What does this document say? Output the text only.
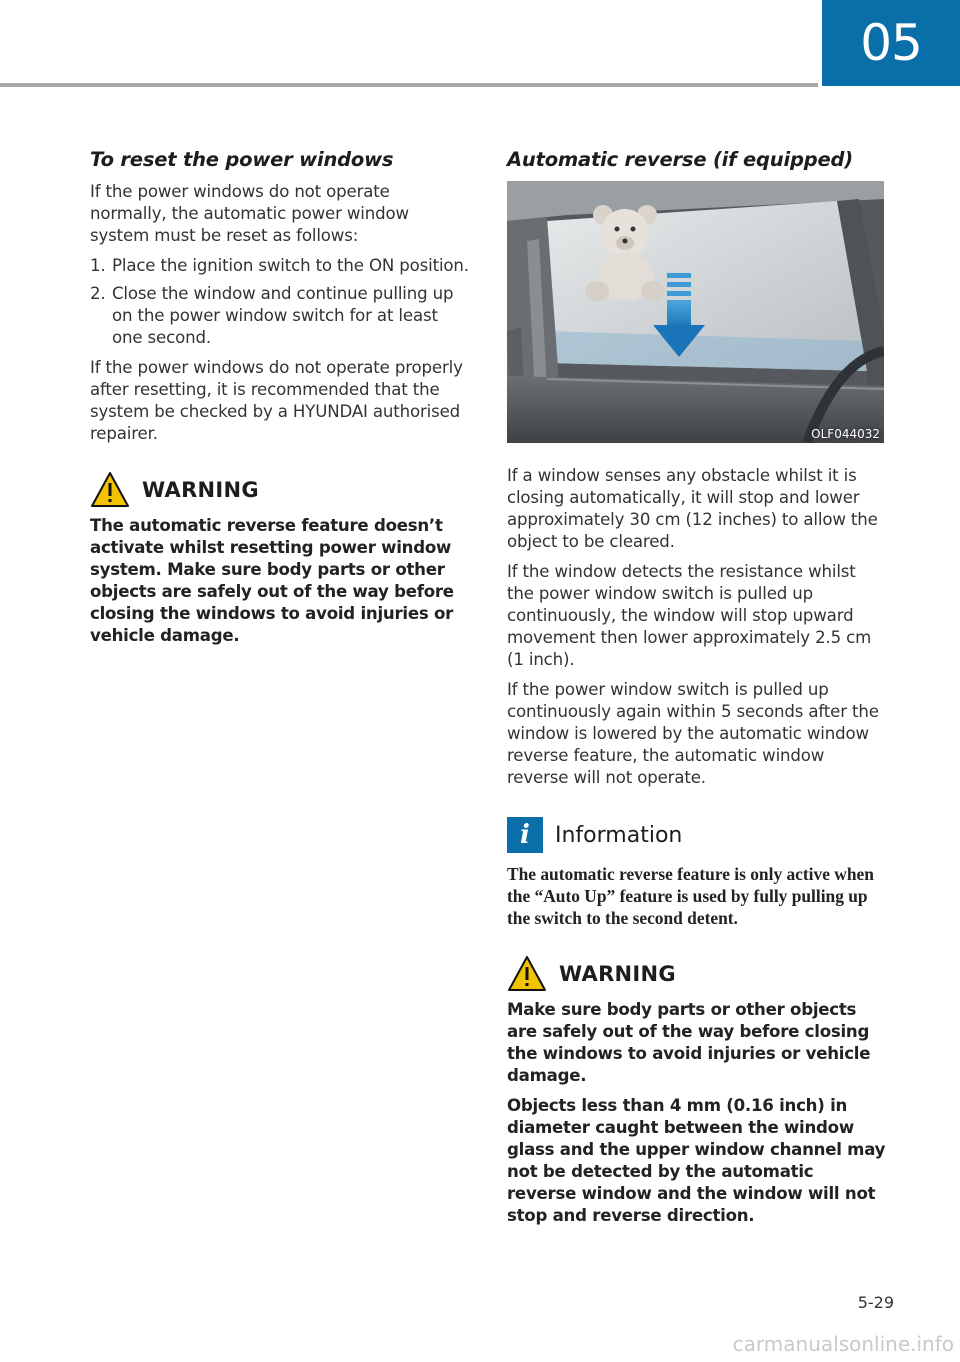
05
To reset the power windows

If the power windows do not operate normally, the automatic power window system must be reset as follows:

1. Place the ignition switch to the ON position.
2. Close the window and continue pulling up on the power window switch for at least one second.

If the power windows do not operate properly after resetting, it is recommended that the system be checked by a HYUNDAI authorised repairer.

WARNING

The automatic reverse feature doesn’t activate whilst resetting power window system. Make sure body parts or other objects are safely out of the way before closing the windows to avoid injuries or vehicle damage.

Automatic reverse (if equipped)
OLF044032

If a window senses any obstacle whilst it is closing automatically, it will stop and lower approximately 30 cm (12 inches) to allow the object to be cleared.

If the window detects the resistance whilst the power window switch is pulled up continuously, the window will stop upward movement then lower approximately 2.5 cm (1 inch).

If the power window switch is pulled up continuously again within 5 seconds after the window is lowered by the automatic window reverse feature, the automatic window reverse will not operate.

i	Information

The automatic reverse feature is only active when the “Auto Up” feature is used by fully pulling up the switch to the second detent.

WARNING

Make sure body parts or other objects are safely out of the way before closing the windows to avoid injuries or vehicle damage.

Objects less than 4 mm (0.16 inch) in diameter caught between the window glass and the upper window channel may not be detected by the automatic reverse window and the window will not stop and reverse direction.

5-29
carmanualsonline.info
